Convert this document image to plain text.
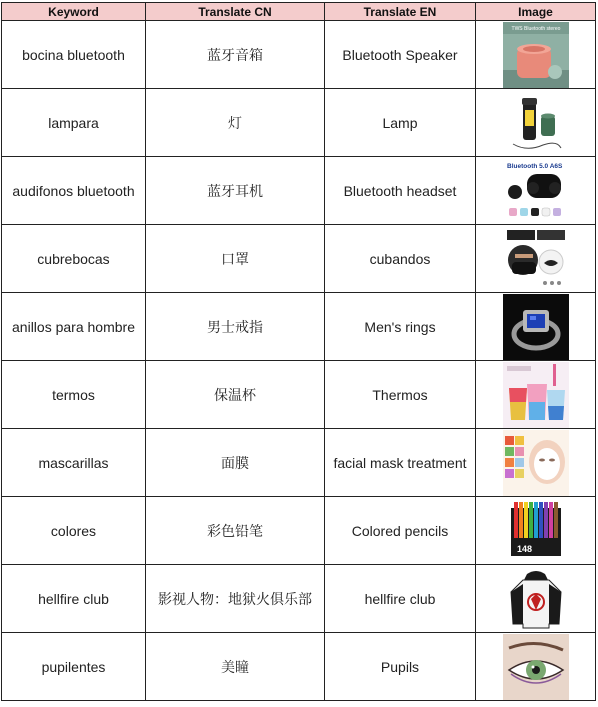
Keyword	Translate CN	Translate EN	Image
bocina bluetooth	蓝牙音箱	Bluetooth Speaker	TWS Bluetooth stereo

lampara	灯	Lamp	

audifonos bluetooth	蓝牙耳机	Bluetooth headset	Bluetooth 5.0 A6S

cubrebocas	口罩	cubandos	

anillos para hombre	男士戒指	Men's rings	

termos	保温杯	Thermos	

mascarillas	面膜	facial mask treatment	

colores	彩色铅笔	Colored pencils	148

hellfire club	影视人物：地狱火俱乐部	hellfire club	

pupilentes	美瞳	Pupils	
